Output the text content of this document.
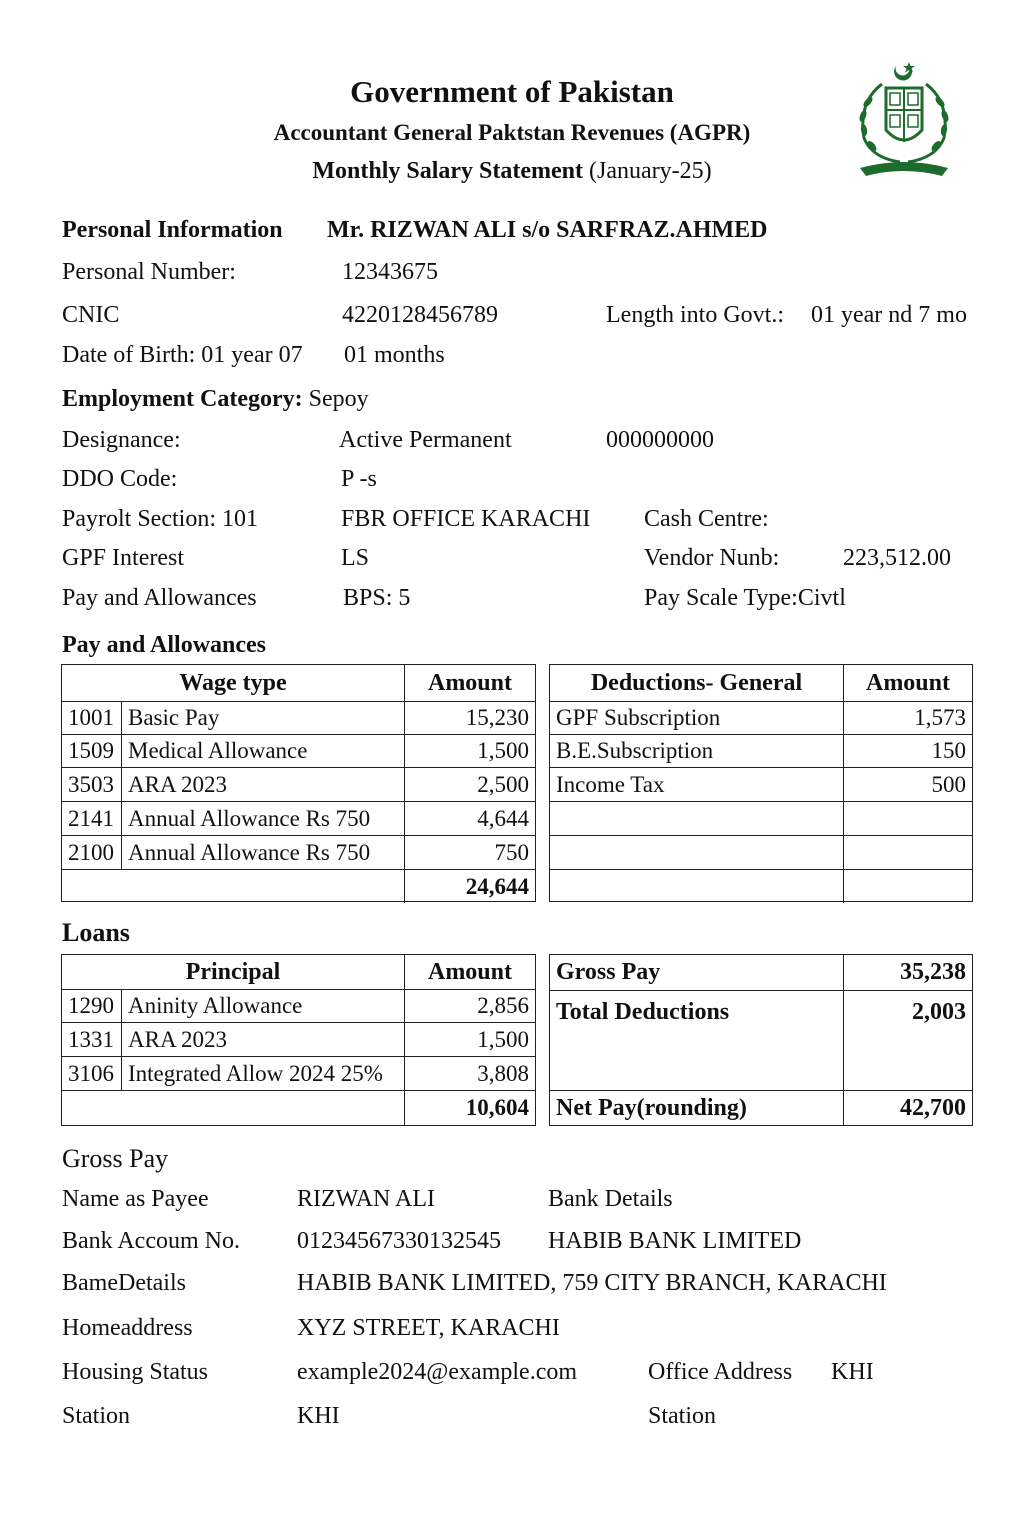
Government of Pakistan
Accountant General Paktstan Revenues (AGPR)
Monthly Salary Statement (January-25)
Personal Information Mr. RIZWAN ALI s/o SARFRAZ.AHMED
Personal Number:	12343675
CNIC	4220128456789	Length into Govt.: 01 year nd 7 mo
Date of Birth: 01 year 07 01 months
Employment Category: Sepoy
Designance:	Active Permanent	000000000
DDO Code:	P -s
Payrolt Section: 101	FBR OFFICE KARACHI Cash Centre:
GPF Interest	LS	Vendor Nunb:	223,512.00
Pay and Allowances	BPS: 5	Pay Scale Type:Civtl
Pay and Allowances
Wage type	Amount
1001 Basic Pay	15,230
1509 Medical Allowance	1,500
3503 ARA 2023	2,500
2141 Annual Allowance Rs 750	4,644
2100 Annual Allowance Rs 750	750
24,644
Deductions- General	Amount
GPF Subscription	1,573
B.E.Subscription	150
Income Tax	500
Loans
Principal	Amount
1290 Aninity Allowance	2,856
1331 ARA 2023	1,500
3106 Integrated Allow 2024 25%	3,808
10,604
Gross Pay	35,238
Total Deductions	2,003
Net Pay(rounding)	42,700
Gross Pay
Name as Payee	RIZWAN ALI	Bank Details
Bank Accoum No. 01234567330132545 HABIB BANK LIMITED
BameDetails	HABIB BANK LIMITED, 759 CITY BRANCH, KARACHI
Homeaddress	XYZ STREET, KARACHI
Housing Status	example2024@example.com	Office Address KHI
Station	KHI	Station
